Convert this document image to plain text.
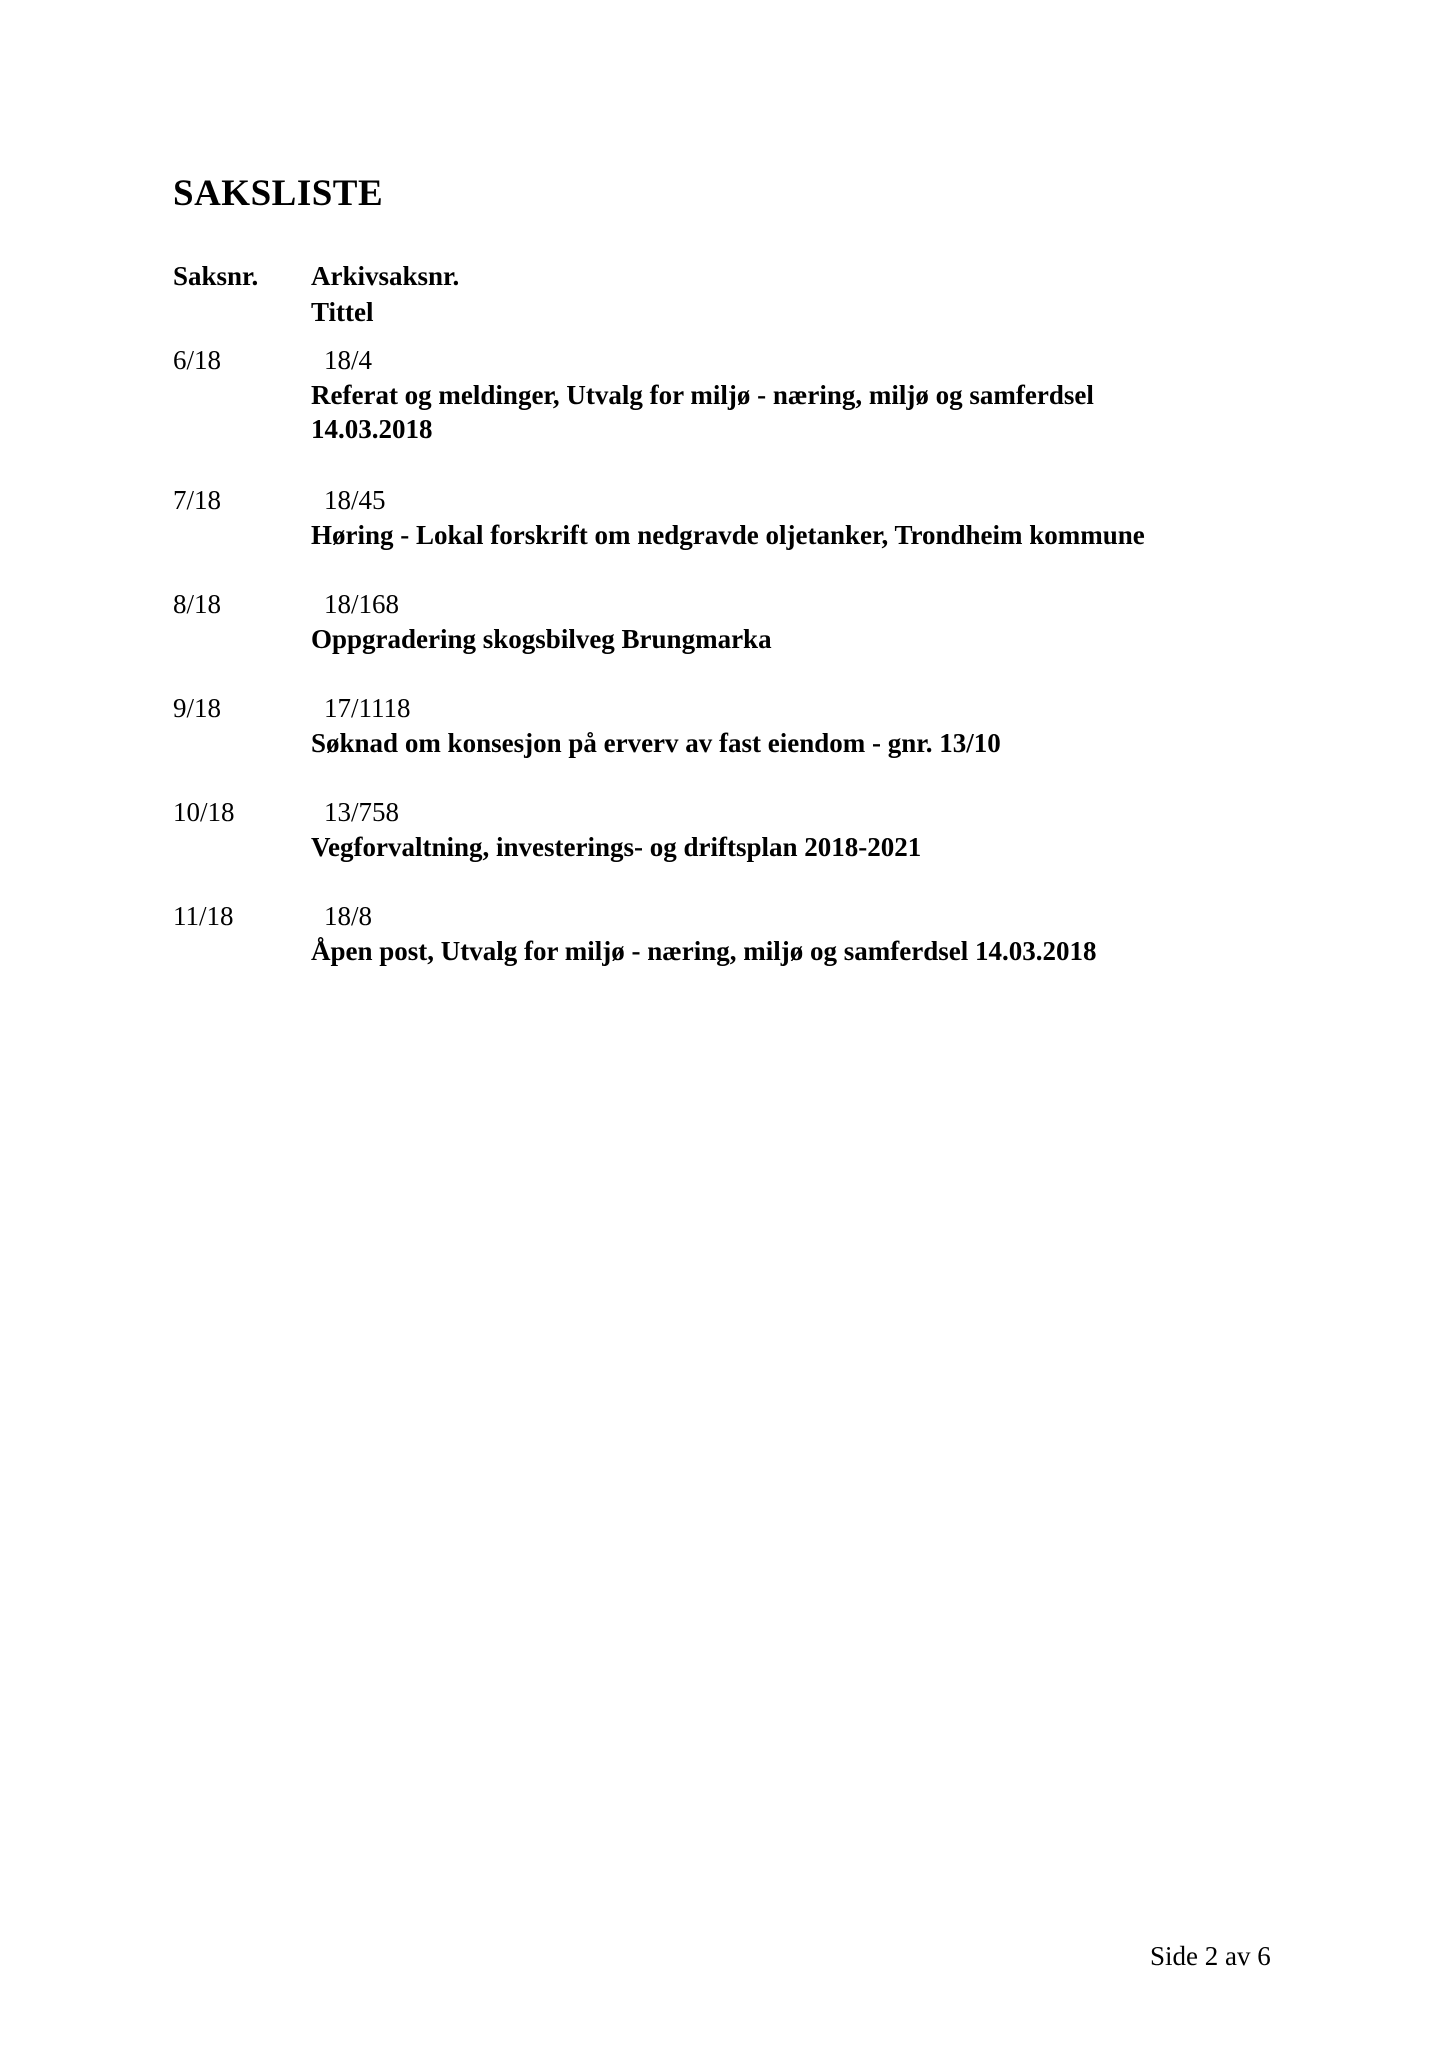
SAKSLISTE
Saksnr.	Arkivsaksnr.
Tittel
6/18	18/4
Referat og meldinger, Utvalg for miljø - næring, miljø og samferdsel
14.03.2018
7/18	18/45
Høring - Lokal forskrift om nedgravde oljetanker, Trondheim kommune
8/18	18/168
Oppgradering skogsbilveg Brungmarka
9/18	17/1118
Søknad om konsesjon på erverv av fast eiendom - gnr. 13/10
10/18	13/758
Vegforvaltning, investerings- og driftsplan 2018-2021
11/18	18/8
Åpen post, Utvalg for miljø - næring, miljø og samferdsel 14.03.2018
Side 2 av 6
